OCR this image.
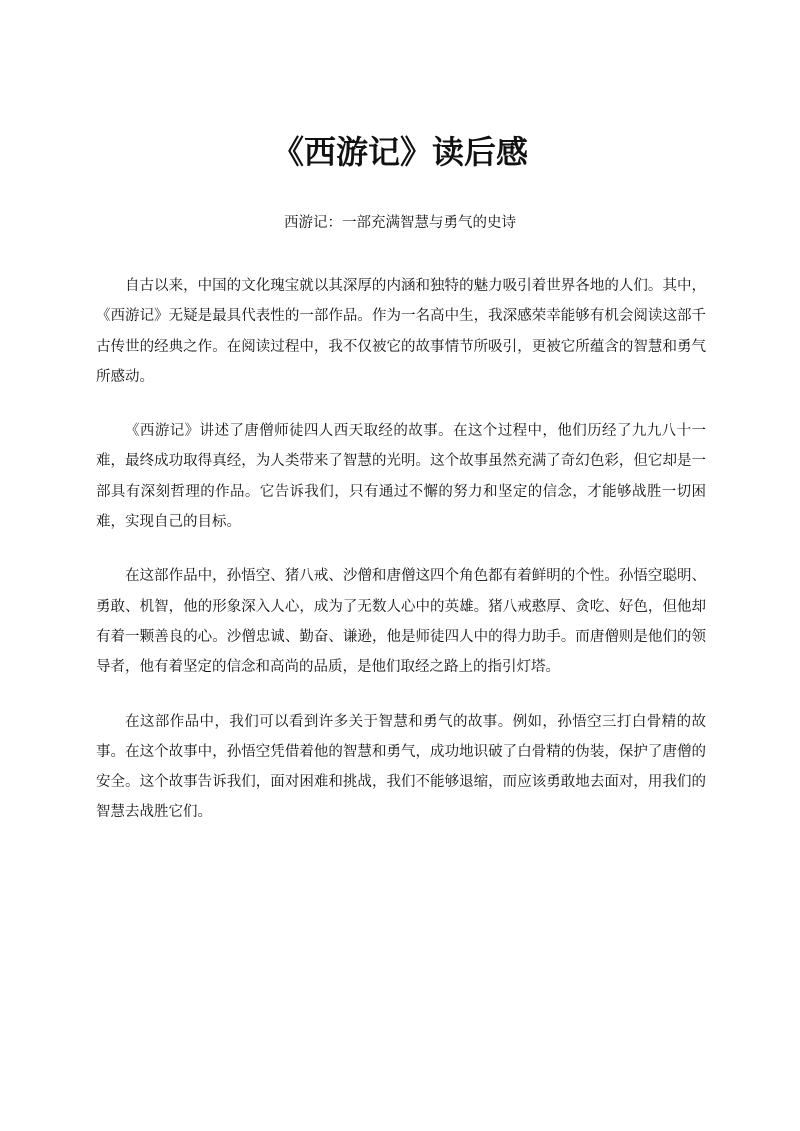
《西游记》读后感

西游记：一部充满智慧与勇气的史诗

自古以来，中国的文化瑰宝就以其深厚的内涵和独特的魅力吸引着世界各地的人们。其中，《西游记》无疑是最具代表性的一部作品。作为一名高中生，我深感荣幸能够有机会阅读这部千古传世的经典之作。在阅读过程中，我不仅被它的故事情节所吸引，更被它所蕴含的智慧和勇气所感动。

《西游记》讲述了唐僧师徒四人西天取经的故事。在这个过程中，他们历经了九九八十一难，最终成功取得真经，为人类带来了智慧的光明。这个故事虽然充满了奇幻色彩，但它却是一部具有深刻哲理的作品。它告诉我们，只有通过不懈的努力和坚定的信念，才能够战胜一切困难，实现自己的目标。

在这部作品中，孙悟空、猪八戒、沙僧和唐僧这四个角色都有着鲜明的个性。孙悟空聪明、勇敢、机智，他的形象深入人心，成为了无数人心中的英雄。猪八戒憨厚、贪吃、好色，但他却有着一颗善良的心。沙僧忠诚、勤奋、谦逊，他是师徒四人中的得力助手。而唐僧则是他们的领导者，他有着坚定的信念和高尚的品质，是他们取经之路上的指引灯塔。

在这部作品中，我们可以看到许多关于智慧和勇气的故事。例如，孙悟空三打白骨精的故事。在这个故事中，孙悟空凭借着他的智慧和勇气，成功地识破了白骨精的伪装，保护了唐僧的安全。这个故事告诉我们，面对困难和挑战，我们不能够退缩，而应该勇敢地去面对，用我们的智慧去战胜它们。
